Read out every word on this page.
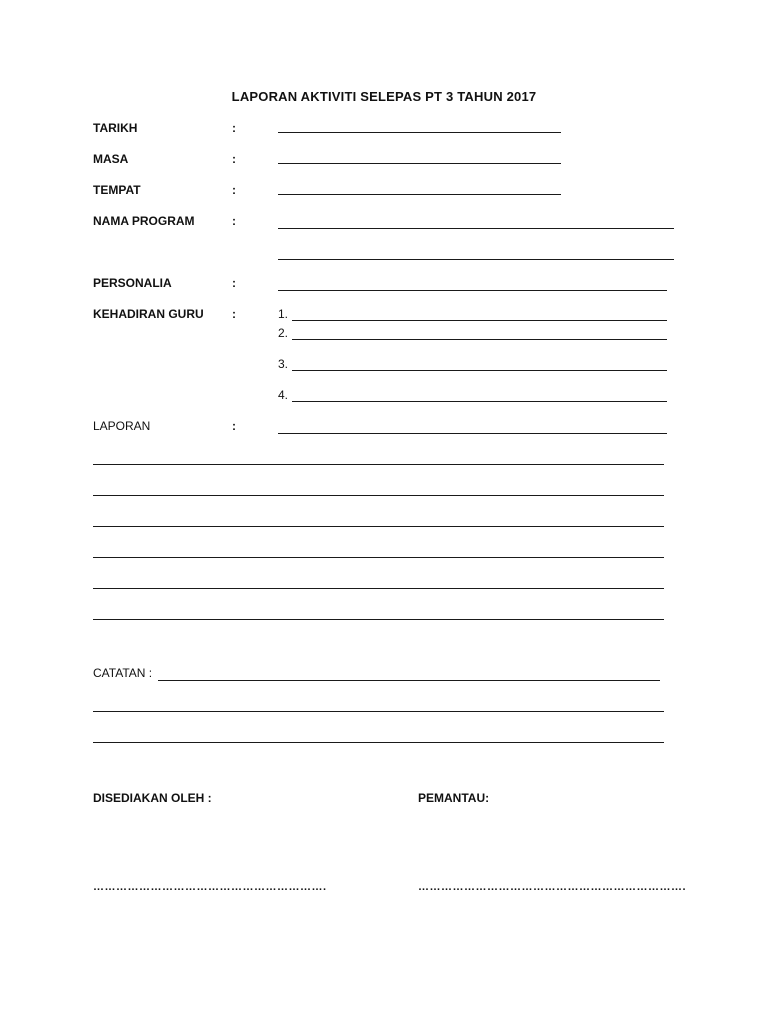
LAPORAN AKTIVITI SELEPAS PT 3 TAHUN 2017
TARIKH	:
MASA	:
TEMPAT	:
NAMA PROGRAM	:
PERSONALIA	:
KEHADIRAN GURU :	1.
2.
3.
4.
LAPORAN	:
CATATAN :
DISEDIAKAN OLEH :	PEMANTAU:
…………………………………………………….	…………………………………………………………….
